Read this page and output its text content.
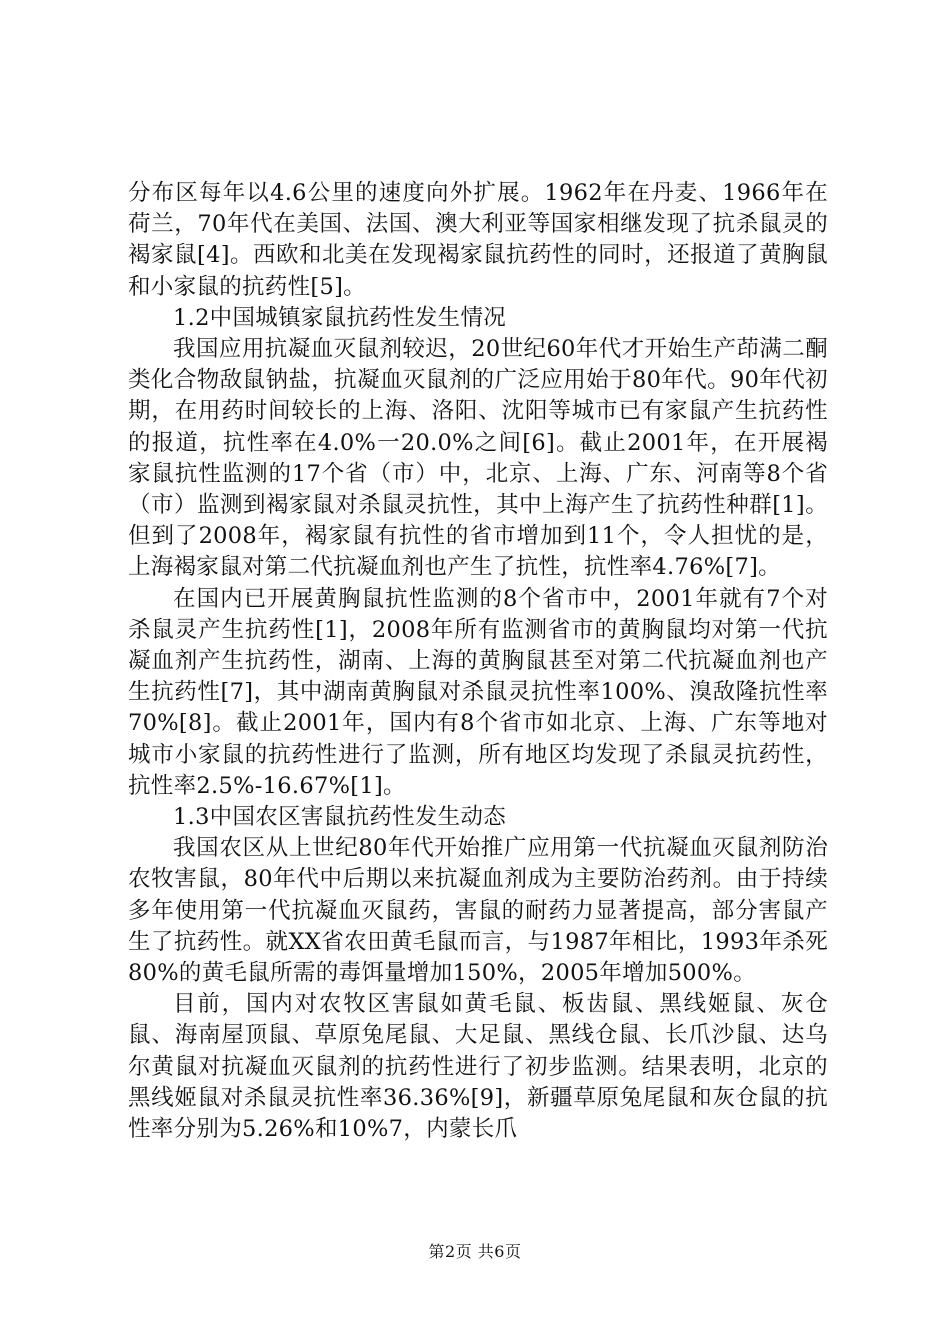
分布区每年以4.6公里的速度向外扩展。1962年在丹麦、1966年在荷兰，70年代在美国、法国、澳大利亚等国家相继发现了抗杀鼠灵的褐家鼠[4]。西欧和北美在发现褐家鼠抗药性的同时，还报道了黄胸鼠和小家鼠的抗药性[5]。

1.2中国城镇家鼠抗药性发生情况

我国应用抗凝血灭鼠剂较迟，20世纪60年代才开始生产茚满二酮类化合物敌鼠钠盐，抗凝血灭鼠剂的广泛应用始于80年代。90年代初期，在用药时间较长的上海、洛阳、沈阳等城市已有家鼠产生抗药性的报道，抗性率在4.0%一20.0%之间[6]。截止2001年，在开展褐家鼠抗性监测的17个省（市）中，北京、上海、广东、河南等8个省（市）监测到褐家鼠对杀鼠灵抗性，其中上海产生了抗药性种群[1]。但到了2008年，褐家鼠有抗性的省市增加到11个，令人担忧的是，上海褐家鼠对第二代抗凝血剂也产生了抗性，抗性率4.76%[7]。

在国内已开展黄胸鼠抗性监测的8个省市中，2001年就有7个对杀鼠灵产生抗药性[1]，2008年所有监测省市的黄胸鼠均对第一代抗凝血剂产生抗药性，湖南、上海的黄胸鼠甚至对第二代抗凝血剂也产生抗药性[7]，其中湖南黄胸鼠对杀鼠灵抗性率100%、溴敌隆抗性率70%[8]。截止2001年，国内有8个省市如北京、上海、广东等地对城市小家鼠的抗药性进行了监测，所有地区均发现了杀鼠灵抗药性，抗性率2.5%-16.67%[1]。

1.3中国农区害鼠抗药性发生动态

我国农区从上世纪80年代开始推广应用第一代抗凝血灭鼠剂防治农牧害鼠，80年代中后期以来抗凝血剂成为主要防治药剂。由于持续多年使用第一代抗凝血灭鼠药，害鼠的耐药力显著提高，部分害鼠产生了抗药性。就XX省农田黄毛鼠而言，与1987年相比，1993年杀死80%的黄毛鼠所需的毒饵量增加150%，2005年增加500%。

目前，国内对农牧区害鼠如黄毛鼠、板齿鼠、黑线姬鼠、灰仓鼠、海南屋顶鼠、草原兔尾鼠、大足鼠、黑线仓鼠、长爪沙鼠、达乌尔黄鼠对抗凝血灭鼠剂的抗药性进行了初步监测。结果表明，北京的黑线姬鼠对杀鼠灵抗性率36.36%[9]，新疆草原兔尾鼠和灰仓鼠的抗性率分别为5.26%和10%7，内蒙长爪

第2页 共6页
